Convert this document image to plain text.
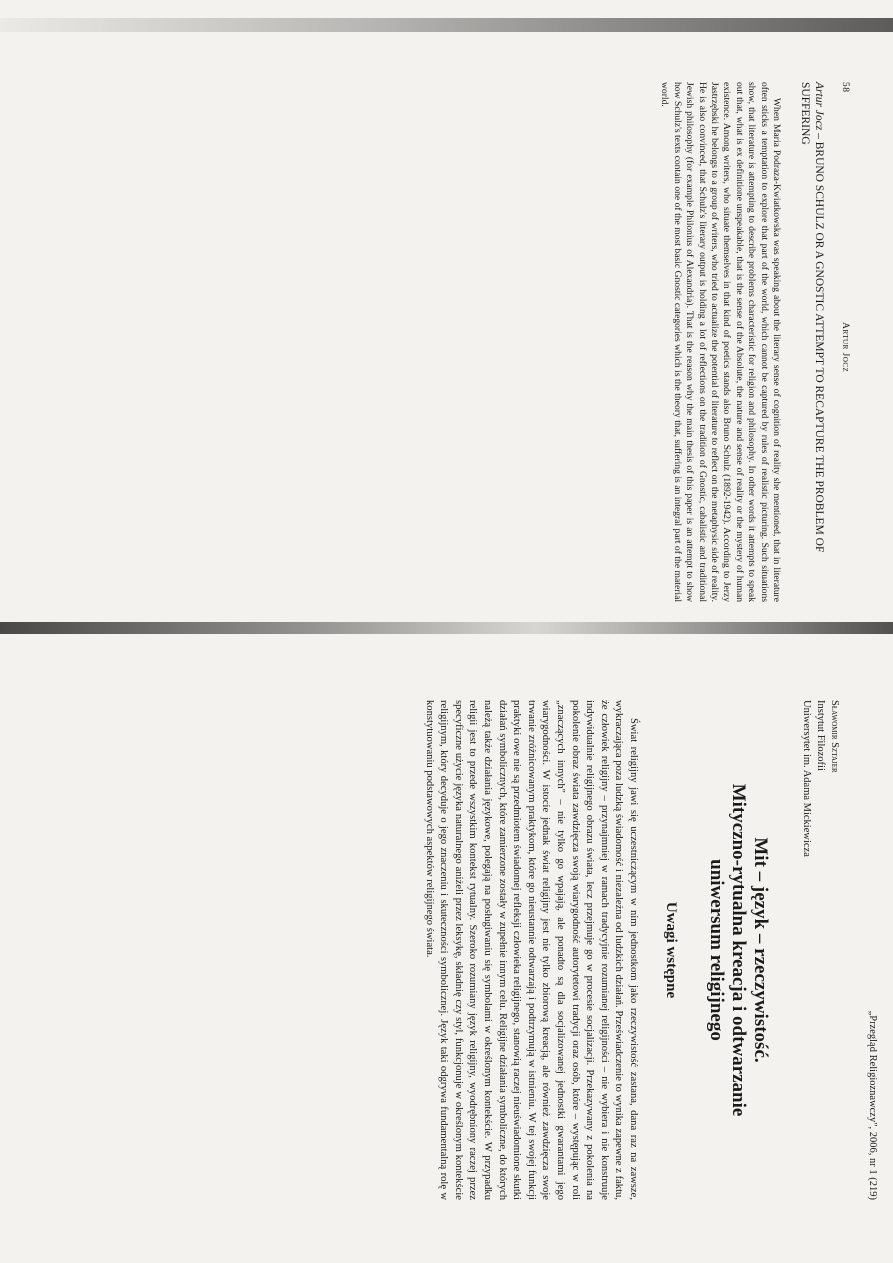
58
Artur Jocz
Artur Jocz – BRUNO SCHULZ OR A GNOSTIC ATTEMPT TO RECAPTURE THE PROBLEM OF SUFFERING

When Maria Podraza-Kwiatkowska was speaking about the literary sense of cognition of reality she mentioned, that in literature often sticks a temptation to explore that part of the world, which cannot be captured by rules of realistic picturing. Such situations show, that literature is attempting to describe problems characteristic for religion and philosophy. In other words it attempts to speak out that, what is ex definitione unspeakable, that is the sense of the Absolute, the nature and sense of reality or the mystery of human existence. Among writers, who situate themselves in that kind of poetics stands also Bruno Schulz (1892-1942). According to Jerzy Jastrzębski he belongs to a group of writers, who tried to actualize the potential of literature to reflect on the metaphysic side of reality. He is also convinced, that Schulz's literary output is holding a lot of reflections on the tradition of Gnostic, cabalistic and traditional Jewish philosophy (for example Philonius of Alexandria). That is the reason why the main thesis of this paper is an attempt to show how Schulz's texts contain one of the most basic Gnostic categories which is the theory that, suffering is an integral part of the material world.

„Przegląd Religioznawczy", 2006, nr 1 (219)
Sławomir Sztajer
Instytut Filozofii
Uniwersytet im. Adama Mickiewicza
Mit – język – rzeczywistość.
Mityczno-rytualna kreacja i odtwarzanie
uniwersum religijnego
Uwagi wstępne

Świat religijny jawi się uczestniczącym w nim jednostkom jako rzeczywistość zastana, dana raz na zawsze, wykraczająca poza ludzką świadomość i niezależna od ludzkich działań. Przeświadczenie to wynika zapewne z faktu, że człowiek religijny – przynajmniej w ramach tradycyjnie rozumianej religijności – nie wybiera i nie konstruuje indywidualnie religijnego obrazu świata, lecz przejmuje go w procesie socjalizacji. Przekazywany z pokolenia na pokolenie obraz świata zawdzięcza swoją wiarygodność autorytetowi tradycji oraz osób, które – występując w roli „znaczących innych" – nie tylko go wpajają, ale ponadto są dla socjalizowanej jednostki gwarantami jego wiarygodności. W istocie jednak świat religijny jest nie tylko zbiorową kreacją, ale również zawdzięcza swoje trwanie zróżnicowanym praktykom, które go nieustannie odtwarzają i podtrzymują w istnieniu. W tej swojej funkcji praktyki owe nie są przedmiotem świadomej refleksji człowieka religijnego, stanowią raczej nieuświadomione skutki działań symbolicznych, które zamierzone zostały w zupełnie innym celu. Religijne działania symboliczne, do których należą także działania językowe, polegają na posługiwaniu się symbolami w określonym kontekście. W przypadku religii jest to przede wszystkim kontekst rytualny. Szeroko rozumiany język religijny, wyodrębniony raczej przez specyficzne użycie języka naturalnego aniżeli przez leksykę, składnię czy styl, funkcjonuje w określonym kontekście religijnym, który decyduje o jego znaczeniu i skuteczności symbolicznej. Język taki odgrywa fundamentalną rolę w konstytuowaniu podstawowych aspektów religijnego świata.
